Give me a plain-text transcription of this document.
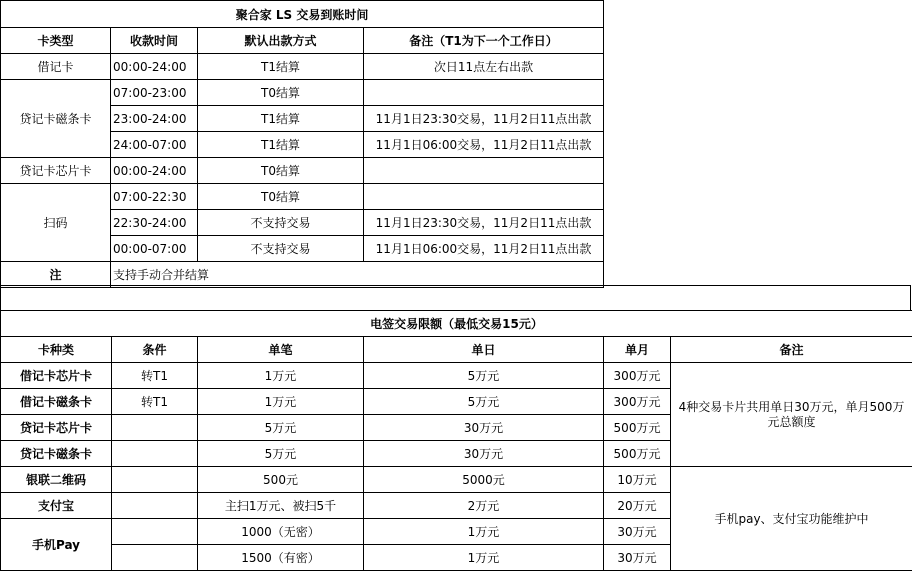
聚合家 LS 交易到账时间			
卡类型	收款时间	默认出款方式	备注（T1为下一个工作日）
借记卡	00:00-24:00	T1结算	次日11点左右出款
贷记卡磁条卡	07:00-23:00	T0结算	
	23:00-24:00	T1结算	11月1日23:30交易，11月2日11点出款
	24:00-07:00	T1结算	11月1日06:00交易，11月2日11点出款
贷记卡芯片卡	00:00-24:00	T0结算	
扫码	07:00-22:30	T0结算	
	22:30-24:00	不支持交易	11月1日23:30交易，11月2日11点出款
	00:00-07:00	不支持交易	11月1日06:00交易，11月2日11点出款
注	支持手动合并结算		
电签交易限额（最低交易15元）					
卡种类	条件	单笔	单日	单月	备注
借记卡芯片卡	转T1	1万元	5万元	300万元	4种交易卡片共用单日30万元，单月500万元总额度
借记卡磁条卡	转T1	1万元	5万元	300万元	
贷记卡芯片卡		5万元	30万元	500万元	
贷记卡磁条卡		5万元	30万元	500万元	
银联二维码		500元	5000元	10万元	手机pay、支付宝功能维护中
支付宝		主扫1万元、被扫5千	2万元	20万元	
手机Pay		1000（无密）	1万元	30万元	
		1500（有密）	1万元	30万元	
